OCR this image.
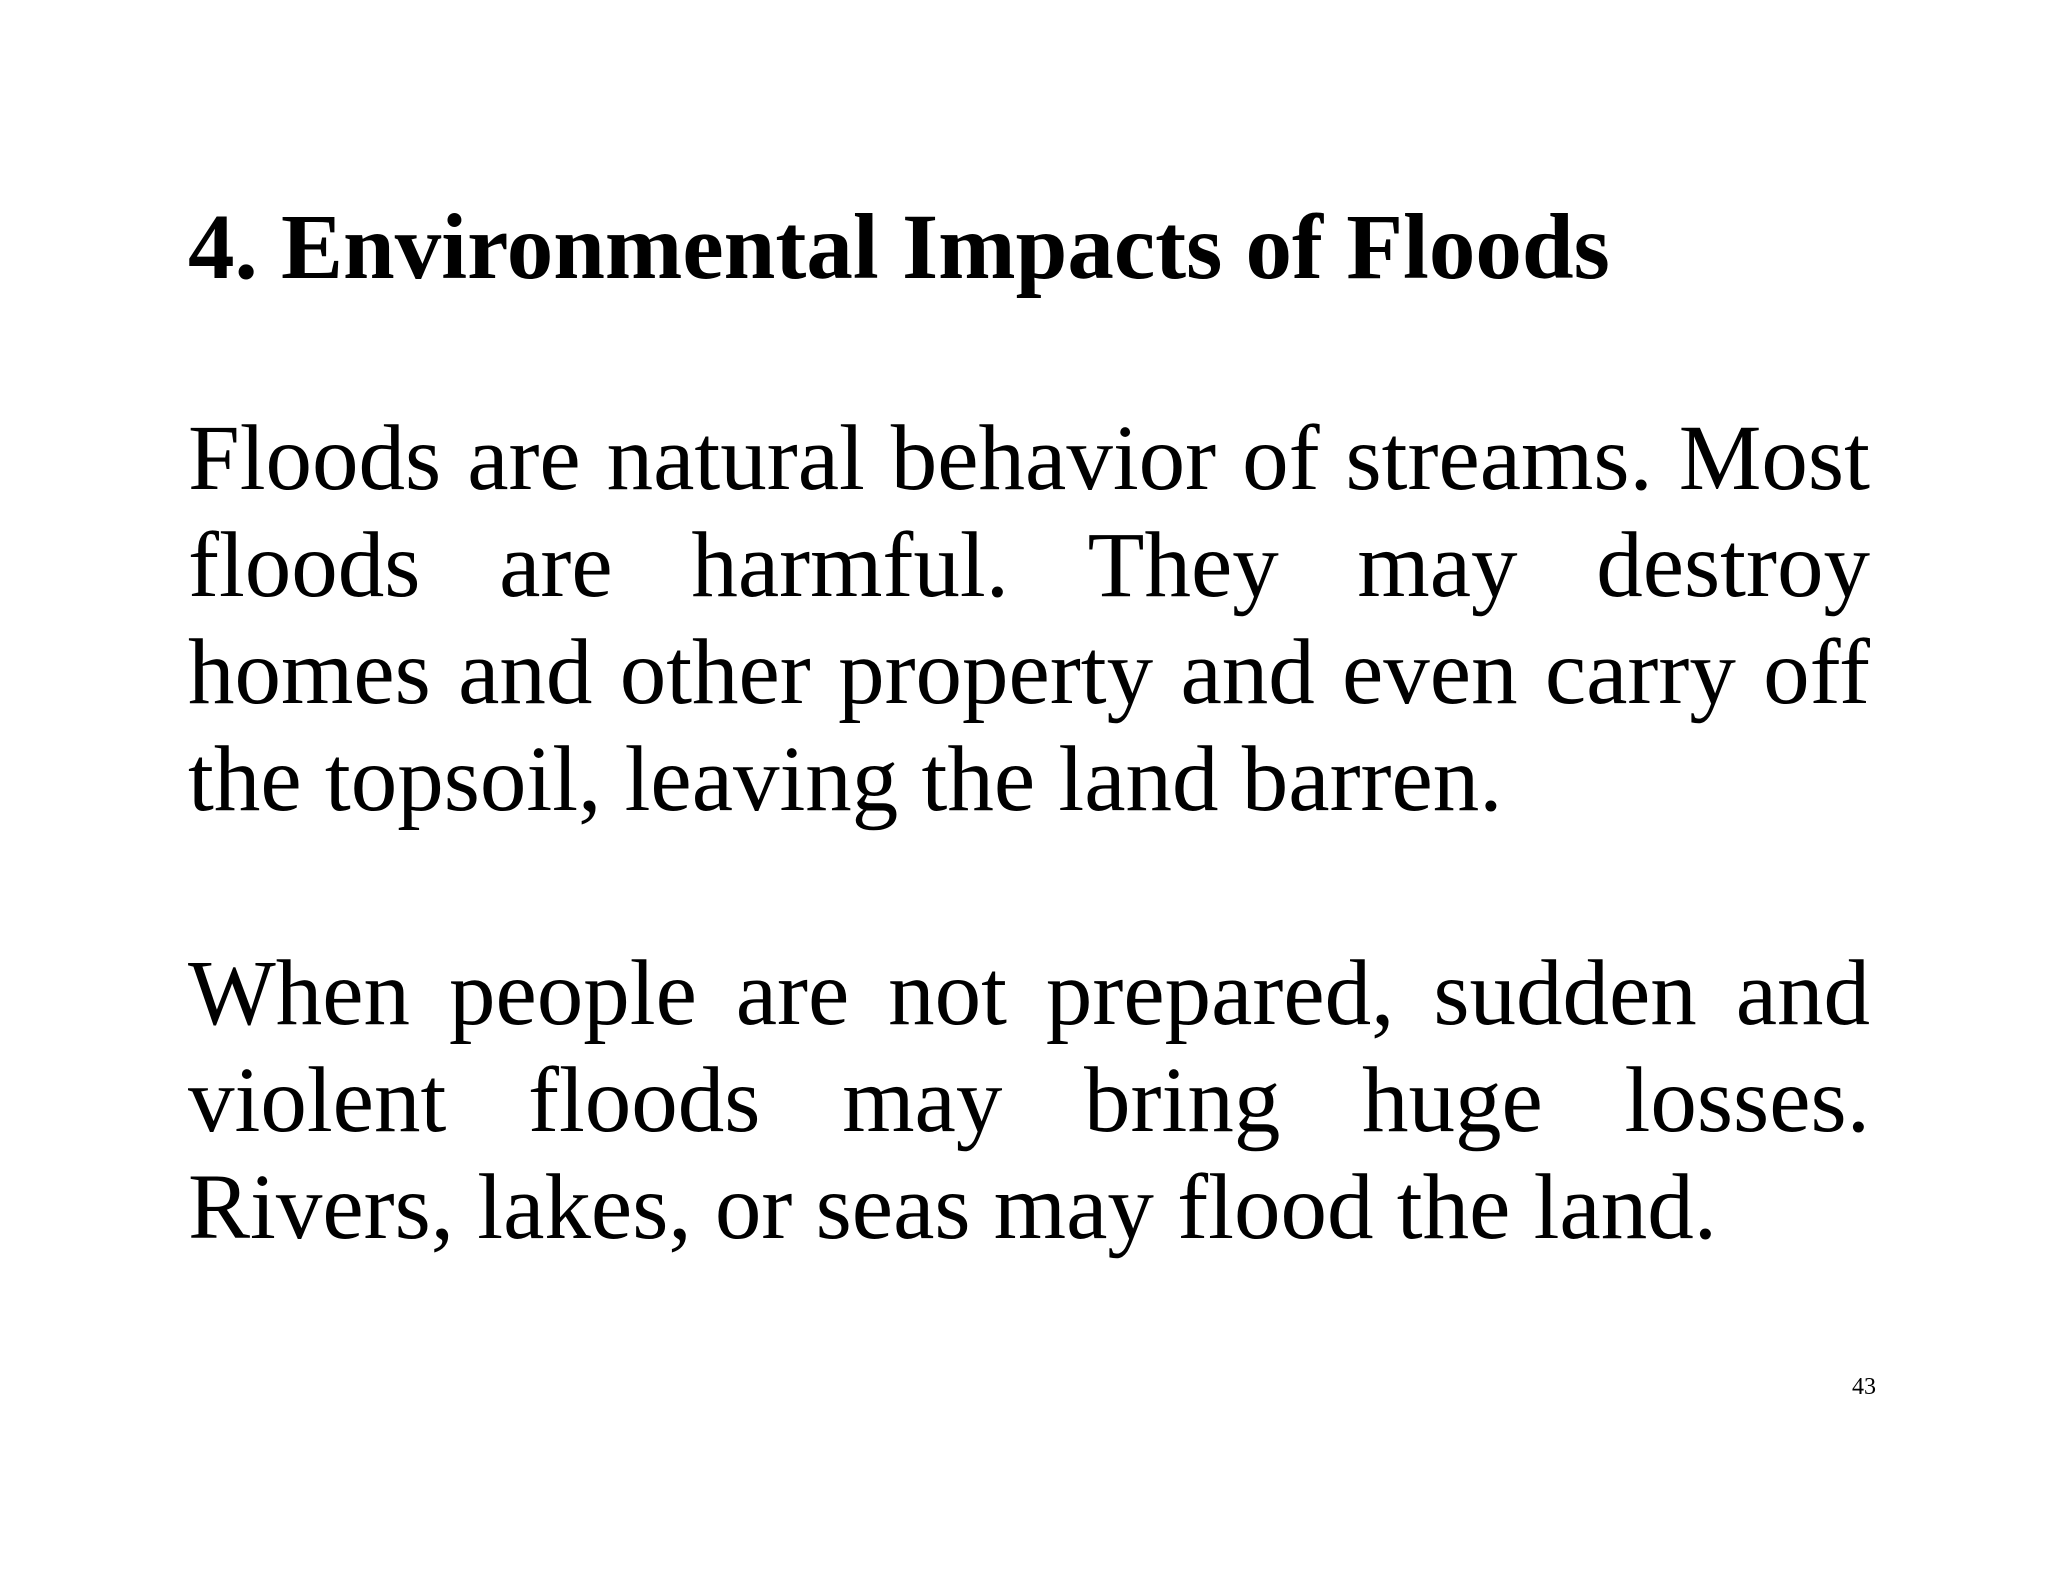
4. Environmental Impacts of Floods
Floods are natural behavior of streams. Most
floods are harmful. They may destroy
homes and other property and even carry off
the topsoil, leaving the land barren.
When people are not prepared, sudden and
violent floods may bring huge losses.
Rivers, lakes, or seas may flood the land.
43
